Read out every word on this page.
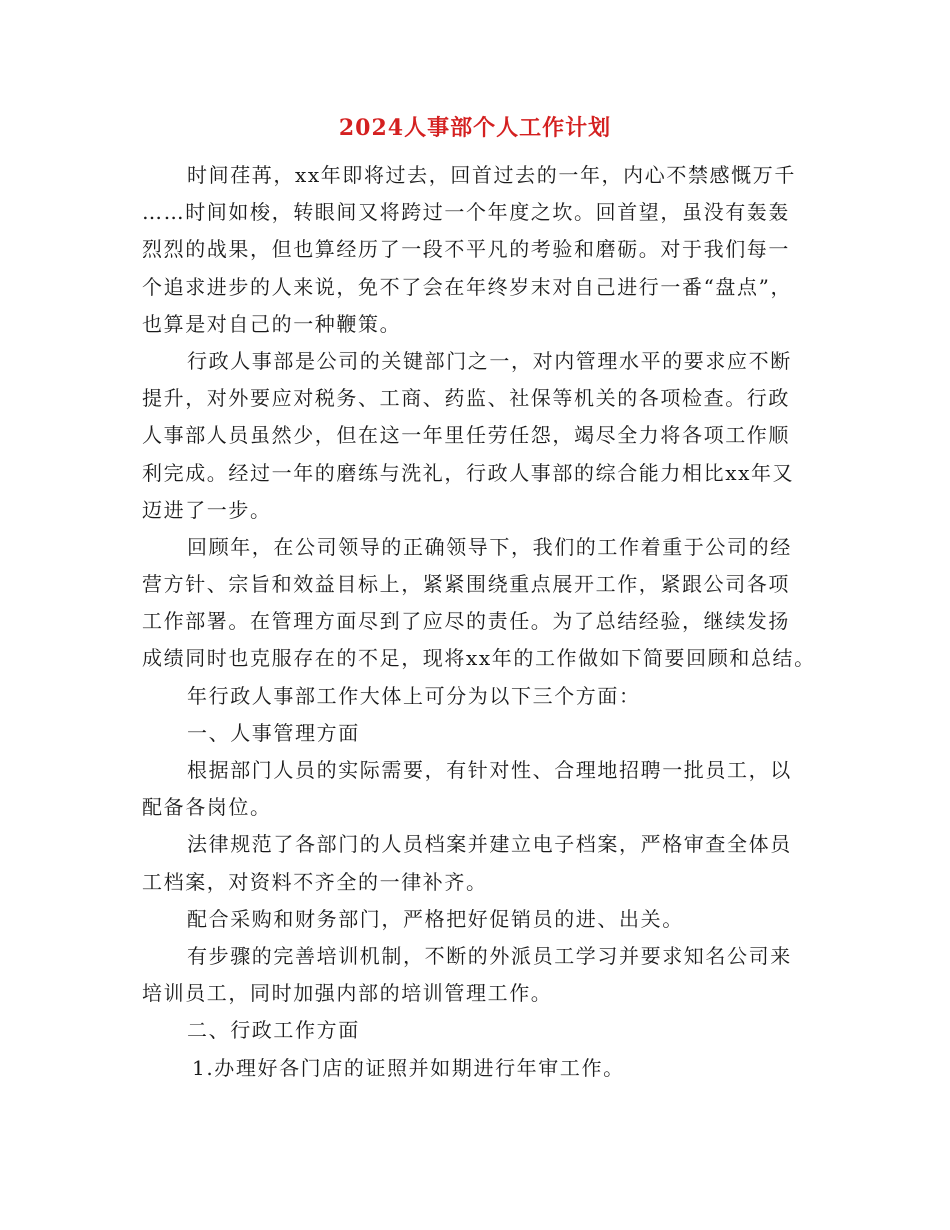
2024人事部个人工作计划
时间荏苒，xx年即将过去，回首过去的一年，内心不禁感慨万千
……时间如梭，转眼间又将跨过一个年度之坎。回首望，虽没有轰轰
烈烈的战果，但也算经历了一段不平凡的考验和磨砺。对于我们每一
个追求进步的人来说，免不了会在年终岁末对自己进行一番“盘点”，
也算是对自己的一种鞭策。
行政人事部是公司的关键部门之一，对内管理水平的要求应不断
提升，对外要应对税务、工商、药监、社保等机关的各项检查。行政
人事部人员虽然少，但在这一年里任劳任怨，竭尽全力将各项工作顺
利完成。经过一年的磨练与洗礼，行政人事部的综合能力相比xx年又
迈进了一步。
回顾年，在公司领导的正确领导下，我们的工作着重于公司的经
营方针、宗旨和效益目标上，紧紧围绕重点展开工作，紧跟公司各项
工作部署。在管理方面尽到了应尽的责任。为了总结经验，继续发扬
成绩同时也克服存在的不足，现将xx年的工作做如下简要回顾和总结。
年行政人事部工作大体上可分为以下三个方面：
一、人事管理方面
根据部门人员的实际需要，有针对性、合理地招聘一批员工，以
配备各岗位。
法律规范了各部门的人员档案并建立电子档案，严格审查全体员
工档案，对资料不齐全的一律补齐。
配合采购和财务部门，严格把好促销员的进、出关。
有步骤的完善培训机制，不断的外派员工学习并要求知名公司来
培训员工，同时加强内部的培训管理工作。
二、行政工作方面
1.办理好各门店的证照并如期进行年审工作。
